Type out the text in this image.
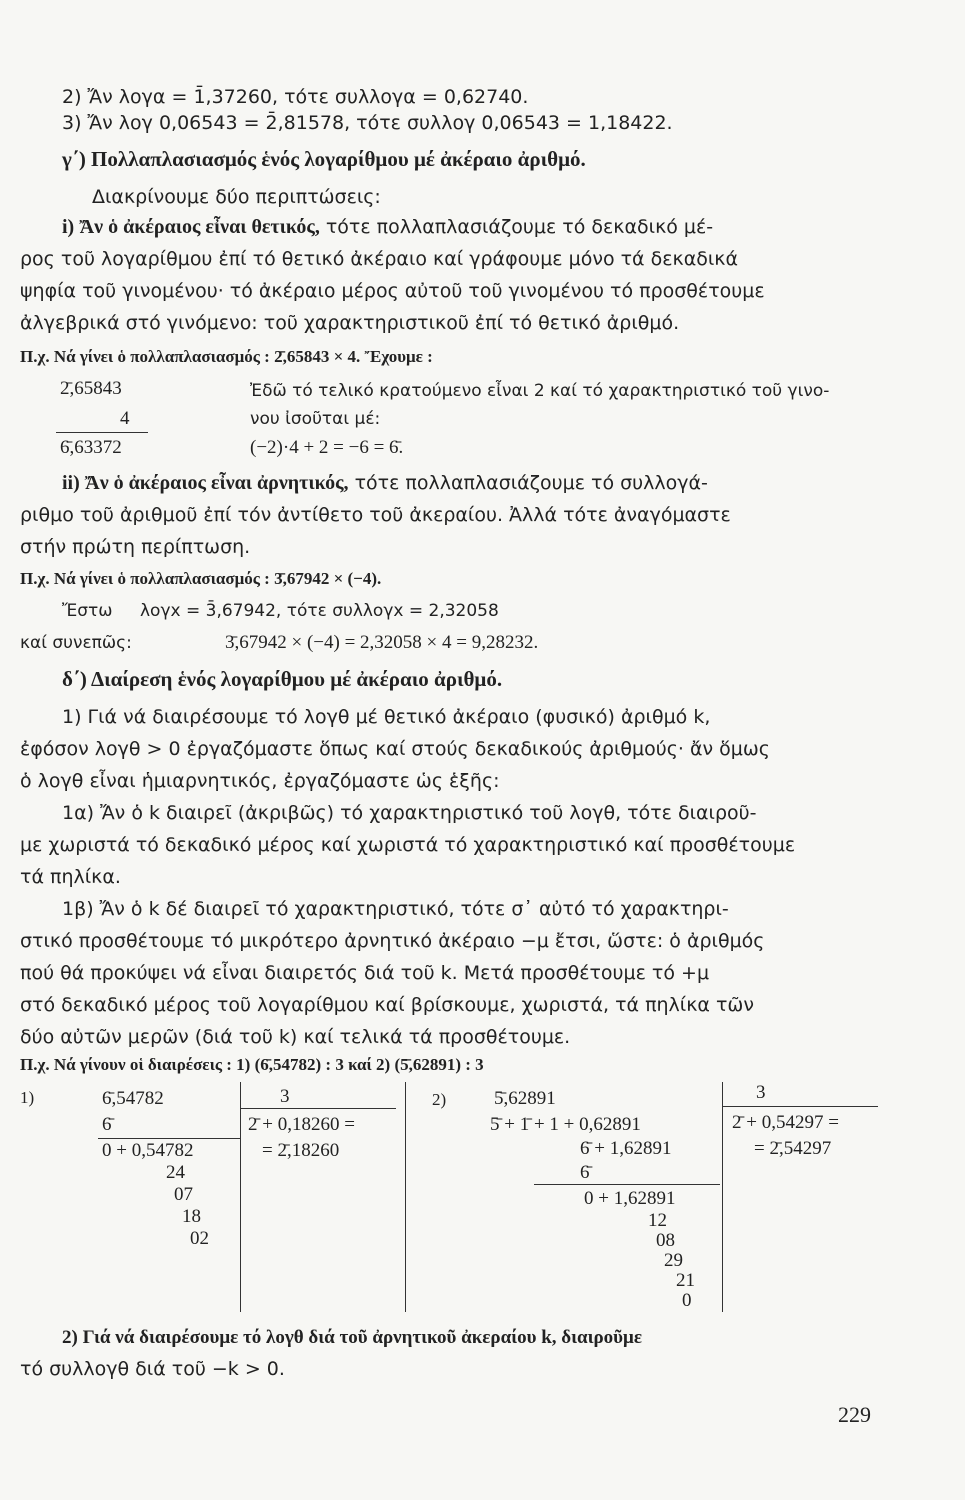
2) Ἄν λογα = 1̄,37260, τότε συλλογα = 0,62740.
3) Ἄν λογ 0,06543 = 2̄,81578, τότε συλλογ 0,06543 = 1,18422.
γ΄) Πολλαπλασιασμός ἑνός λογαρίθμου μέ ἀκέραιο ἀριθμό.
Διακρίνουμε δύο περιπτώσεις:
i) Ἄν ὁ ἀκέραιος εἶναι θετικός, τότε πολλαπλασιάζουμε τό δεκαδικό μέ-
ρος τοῦ λογαρίθμου ἐπί τό θετικό ἀκέραιο καί γράφουμε μόνο τά δεκαδικά
ψηφία τοῦ γινομένου· τό ἀκέραιο μέρος αὐτοῦ τοῦ γινομένου τό προσθέτουμε
ἀλγεβρικά στό γινόμενο: τοῦ χαρακτηριστικοῦ ἐπί τό θετικό ἀριθμό.
Π.χ. Νά γίνει ὁ πολλαπλασιασμός : 2̄,65843 × 4. Ἔχουμε :
2̄,65843
4
6̄,63372
Ἐδῶ τό τελικό κρατούμενο εἶναι 2 καί τό χαρακτηριστικό τοῦ γινο-
νου ἰσοῦται μέ:
(−2)·4 + 2 = −6 = 6̄.
ii) Ἄν ὁ ἀκέραιος εἶναι ἀρνητικός, τότε πολλαπλασιάζουμε τό συλλογά-
ριθμο τοῦ ἀριθμοῦ ἐπί τόν ἀντίθετο τοῦ ἀκεραίου. Ἀλλά τότε ἀναγόμαστε
στήν πρώτη περίπτωση.
Π.χ. Νά γίνει ὁ πολλαπλασιασμός : 3̄,67942 × (−4).
Ἔστω λογx = 3̄,67942, τότε συλλογx = 2,32058
καί συνεπῶς:	3̄,67942 × (−4) = 2,32058 × 4 = 9,28232.
δ΄) Διαίρεση ἑνός λογαρίθμου μέ ἀκέραιο ἀριθμό.
1) Γιά νά διαιρέσουμε τό λογθ μέ θετικό ἀκέραιο (φυσικό) ἀριθμό k,
ἐφόσον λογθ > 0 ἐργαζόμαστε ὅπως καί στούς δεκαδικούς ἀριθμούς· ἄν ὅμως
ὁ λογθ εἶναι ἡμιαρνητικός, ἐργαζόμαστε ὡς ἑξῆς:
1α) Ἄν ὁ k διαιρεῖ (ἀκριβῶς) τό χαρακτηριστικό τοῦ λογθ, τότε διαιροῦ-
με χωριστά τό δεκαδικό μέρος καί χωριστά τό χαρακτηριστικό καί προσθέτουμε
τά πηλίκα.
1β) Ἄν ὁ k δέ διαιρεῖ τό χαρακτηριστικό, τότε σ᾽ αὐτό τό χαρακτηρι-
στικό προσθέτουμε τό μικρότερο ἀρνητικό ἀκέραιο −μ ἔτσι, ὥστε: ὁ ἀριθμός
πού θά προκύψει νά εἶναι διαιρετός διά τοῦ k. Μετά προσθέτουμε τό +μ
στό δεκαδικό μέρος τοῦ λογαρίθμου καί βρίσκουμε, χωριστά, τά πηλίκα τῶν
δύο αὐτῶν μερῶν (διά τοῦ k) καί τελικά τά προσθέτουμε.
Π.χ. Νά γίνουν οἱ διαιρέσεις : 1) (6̄,54782) : 3 καί 2) (5̄,62891) : 3
1)	6̄,54782
6̄
0 + 0,54782
24
07
18
02
3
2̄ + 0,18260 =
= 2̄,18260
2)	5̄,62891
5̄ + 1̄ + 1 + 0,62891
6̄ + 1,62891
6̄
0 + 1,62891
12
08
29
21
0
3
2̄ + 0,54297 =
= 2̄,54297
2) Γιά νά διαιρέσουμε τό λογθ διά τοῦ ἀρνητικοῦ ἀκεραίου k, διαιροῦμε
τό συλλογθ διά τοῦ −k > 0.
229
